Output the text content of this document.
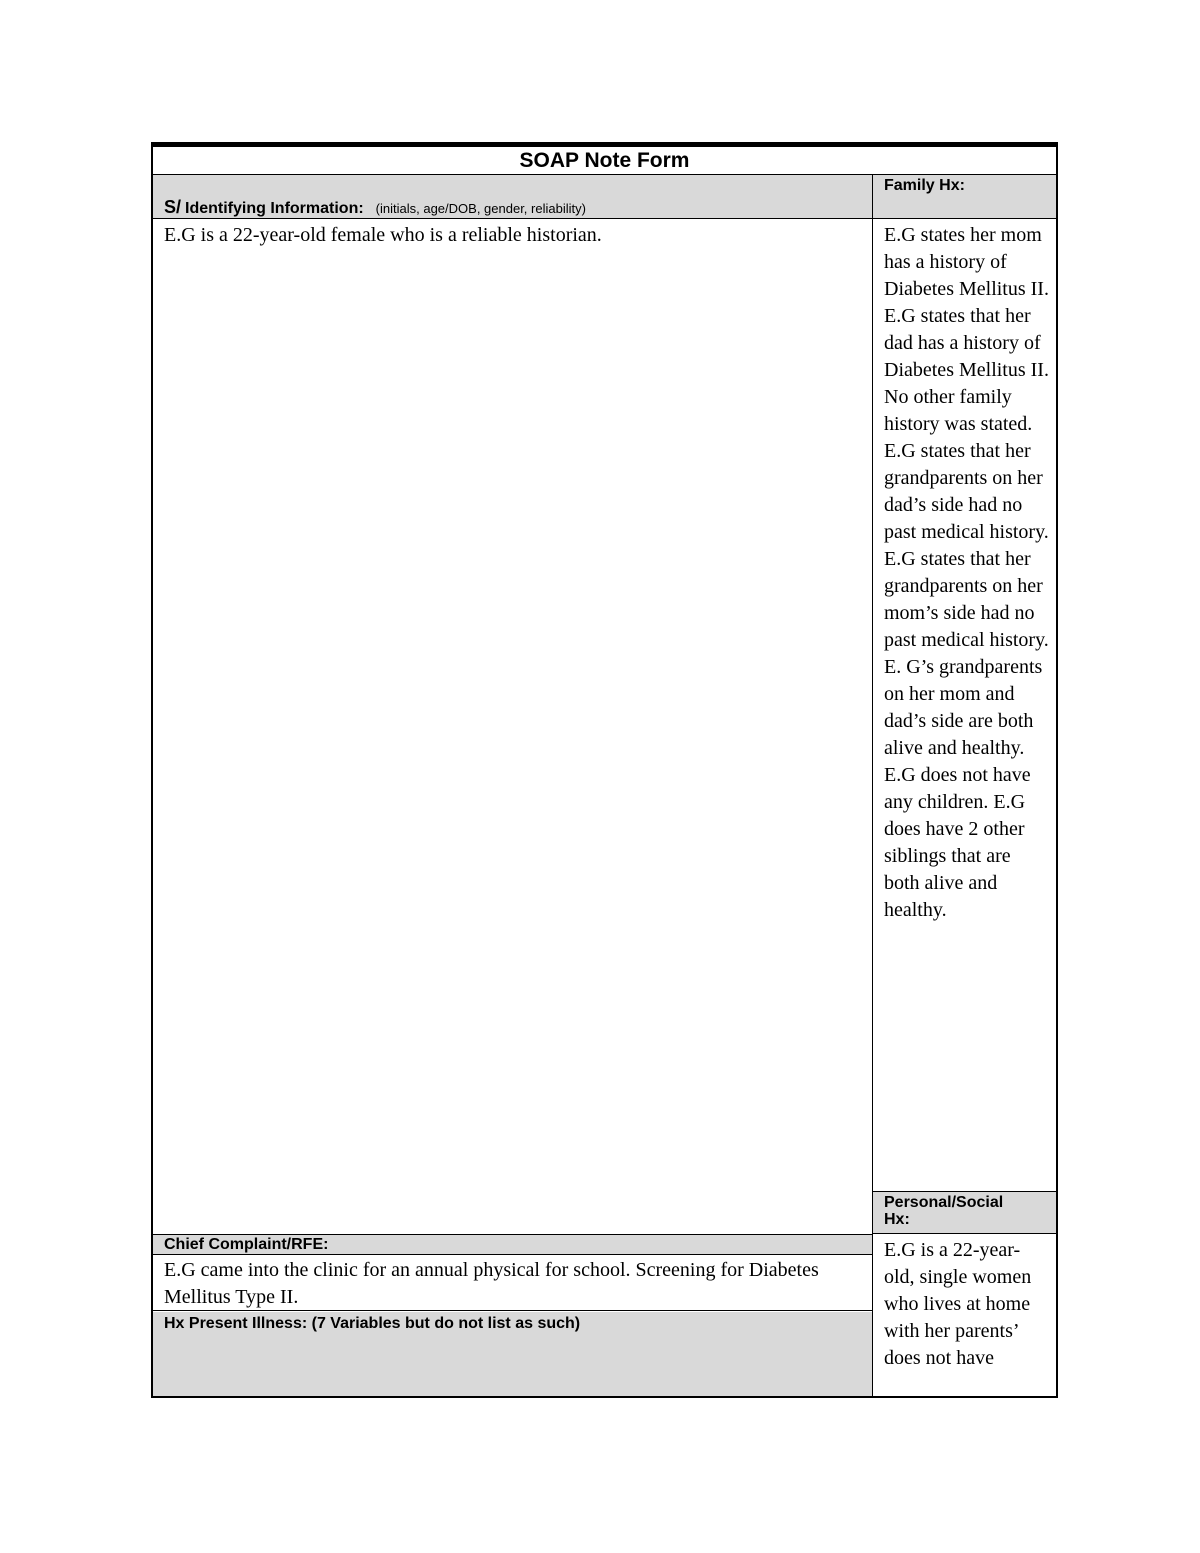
SOAP Note Form
S/ Identifying Information: (initials, age/DOB, gender, reliability)
Family Hx:
E.G is a 22-year-old female who is a reliable historian.	E.G states her mom has a history of Diabetes Mellitus II. E.G states that her dad has a history of Diabetes Mellitus II. No other family history was stated. E.G states that her grandparents on her dad’s side had no past medical history. E.G states that her grandparents on her mom’s side had no past medical history. E. G’s grandparents on her mom and dad’s side are both alive and healthy. E.G does not have any children. E.G does have 2 other siblings that are both alive and healthy.
Personal/Social Hx:
E.G is a 22-year-old, single women who lives at home with her parents’ does not have
Chief Complaint/RFE:
E.G came into the clinic for an annual physical for school. Screening for Diabetes Mellitus Type II.
Hx Present Illness: (7 Variables but do not list as such)
